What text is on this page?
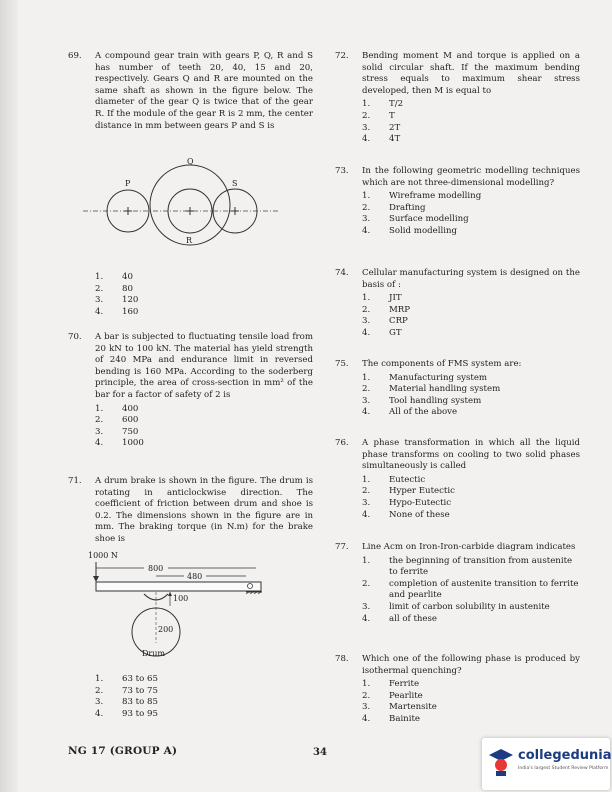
69. A compound gear train with gears P, Q, R and S has number of teeth 20, 40, 15 and 20, respectively. Gears Q and R are mounted on the same shaft as shown in the figure below. The diameter of the gear Q is twice that of the gear R. If the module of the gear R is 2 mm, the center distance in mm between gears P and S is
P
Q
R
S
1.	40
2.	80
3.	120
4.	160
70. A bar is subjected to fluctuating tensile load from 20 kN to 100 kN. The material has yield strength of 240 MPa and endurance limit in reversed bending is 160 MPa. According to the soderberg principle, the area of cross-section in mm² of the bar for a factor of safety of 2 is
1.	400
2.	600
3.	750
4.	1000
71. A drum brake is shown in the figure. The drum is rotating in anticlockwise direction. The coefficient of friction between drum and shoe is 0.2. The dimensions shown in the figure are in mm. The braking torque (in N.m) for the brake shoe is
1000 N
800
480
100
200
Drum
1.	63 to 65
2.	73 to 75
3.	83 to 85
4.	93 to 95
72. Bending moment M and torque is applied on a solid circular shaft. If the maximum bending stress equals to maximum shear stress developed, then M is equal to
1.	T/2
2.	T
3.	2T
4.	4T
73. In the following geometric modelling techniques which are not three-dimensional modelling?
1.	Wireframe modelling
2.	Drafting
3.	Surface modelling
4.	Solid modelling
74. Cellular manufacturing system is designed on the basis of :
1.	JIT
2.	MRP
3.	CRP
4.	GT
75. The components of FMS system are:
1.	Manufacturing system
2.	Material handling system
3.	Tool handling system
4.	All of the above
76. A phase transformation in which all the liquid phase transforms on cooling to two solid phases simultaneously is called
1.	Eutectic
2.	Hyper Eutectic
3.	Hypo-Eutectic
4.	None of these
77. Line Acm on Iron-Iron-carbide diagram indicates
1.	the beginning of transition from austenite to ferrite
2.	completion of austenite transition to ferrite and pearlite
3.	limit of carbon solubility in austenite
4.	all of these
78. Which one of the following phase is produced by isothermal quenching?
1.	Ferrite
2.	Pearlite
3.	Martensite
4.	Bainite
NG 17 (GROUP A)	34	collegedunia
India's largest Student Review Platform
